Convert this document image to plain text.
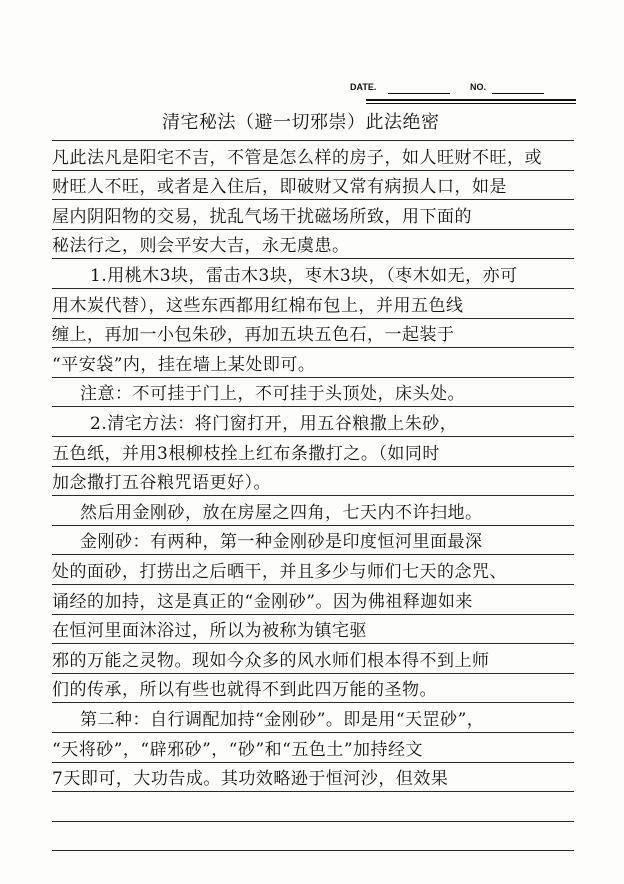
DATE.	NO.
清宅秘法（避一切邪崇）此法绝密
凡此法凡是阳宅不吉，不管是怎么样的房子，如人旺财不旺，或
财旺人不旺，或者是入住后，即破财又常有病损人口，如是
屋内阴阳物的交易，扰乱气场干扰磁场所致，用下面的
秘法行之，则会平安大吉，永无虞患。
1.用桃木3块，雷击木3块，枣木3块，（枣木如无，亦可
用木炭代替），这些东西都用红棉布包上，并用五色线
缠上，再加一小包朱砂，再加五块五色石，一起装于
“平安袋”内，挂在墙上某处即可。
注意：不可挂于门上，不可挂于头顶处，床头处。
2.清宅方法：将门窗打开，用五谷粮撒上朱砂，
五色纸，并用3根柳枝拴上红布条撒打之。（如同时
加念撒打五谷粮咒语更好）。
然后用金刚砂，放在房屋之四角，七天内不许扫地。
金刚砂：有两种，第一种金刚砂是印度恒河里面最深
处的面砂，打捞出之后晒干，并且多少与师们七天的念咒、
诵经的加持，这是真正的“金刚砂”。因为佛祖释迦如来
在恒河里面沐浴过，所以为被称为镇宅驱
邪的万能之灵物。现如今众多的风水师们根本得不到上师
们的传承，所以有些也就得不到此四万能的圣物。
第二种：自行调配加持“金刚砂”。即是用“天罡砂”，
“天将砂”，“辟邪砂”，“砂”和“五色土”加持经文
7天即可，大功告成。其功效略逊于恒河沙，但效果
